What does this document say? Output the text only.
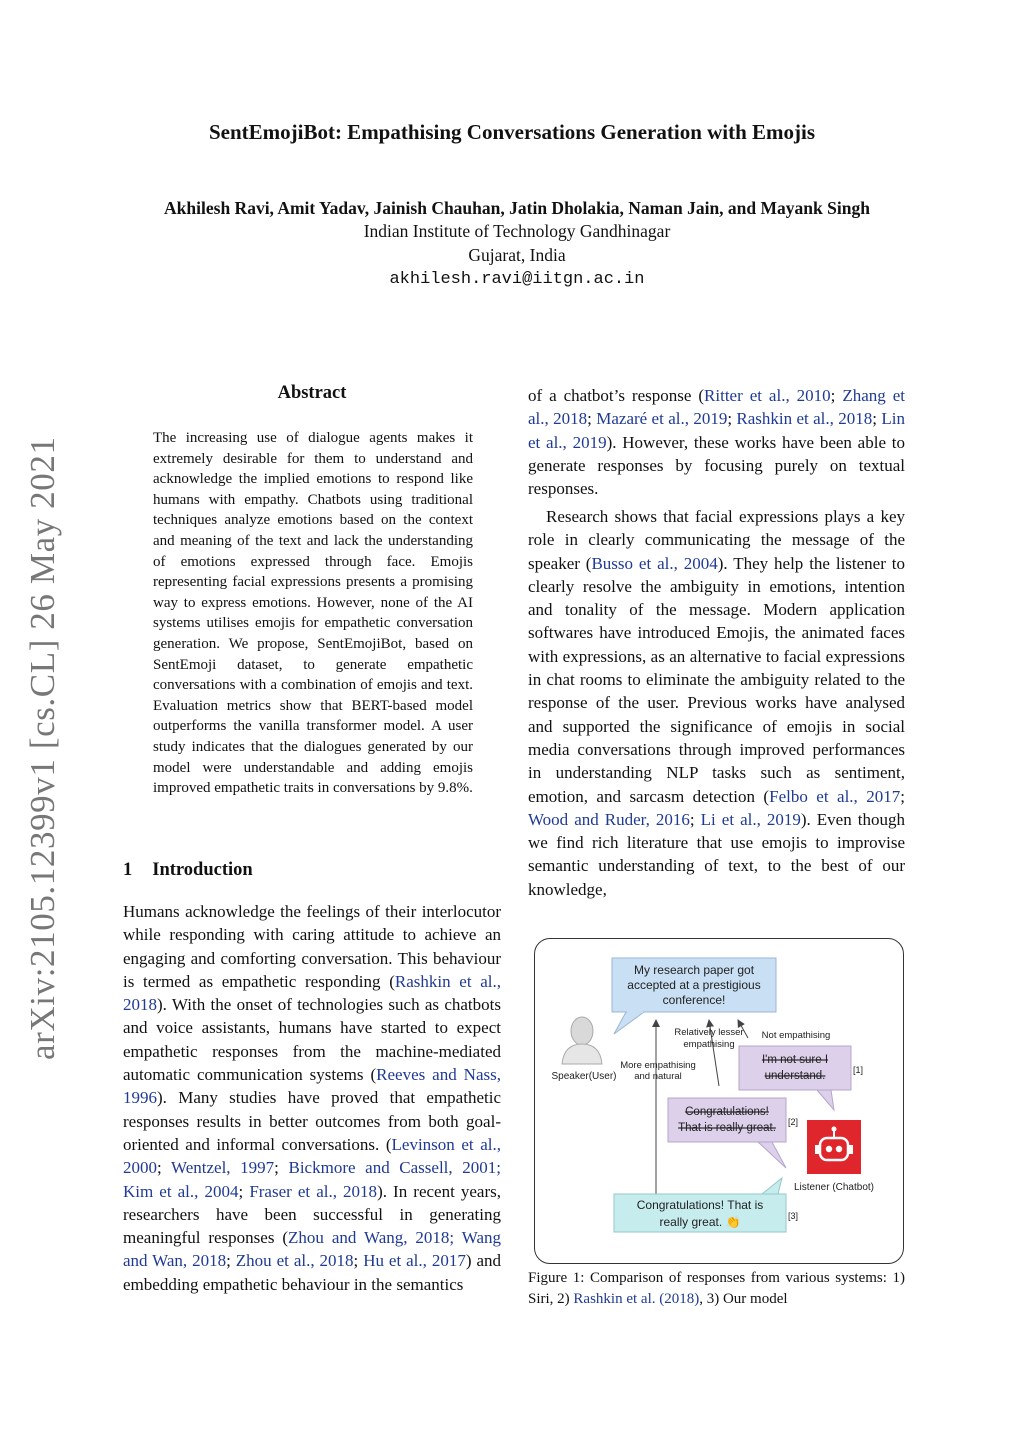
SentEmojiBot: Empathising Conversations Generation with Emojis
Akhilesh Ravi, Amit Yadav, Jainish Chauhan, Jatin Dholakia, Naman Jain, and Mayank Singh
Indian Institute of Technology Gandhinagar
Gujarat, India
akhilesh.ravi@iitgn.ac.in
arXiv:2105.12399v1 [cs.CL] 26 May 2021
Abstract
The increasing use of dialogue agents makes it extremely desirable for them to understand and acknowledge the implied emotions to respond like humans with empathy. Chatbots using traditional techniques analyze emotions based on the context and meaning of the text and lack the understanding of emotions expressed through face. Emojis representing facial expressions presents a promising way to express emotions. However, none of the AI systems utilises emojis for empathetic conversation generation. We propose, SentEmojiBot, based on SentEmoji dataset, to generate empathetic conversations with a combination of emojis and text. Evaluation metrics show that BERT-based model outperforms the vanilla transformer model. A user study indicates that the dialogues generated by our model were understandable and adding emojis improved empathetic traits in conversations by 9.8%.
1 Introduction

Humans acknowledge the feelings of their interlocutor while responding with caring attitude to achieve an engaging and comforting conversation. This behaviour is termed as empathetic responding (Rashkin et al., 2018). With the onset of technologies such as chatbots and voice assistants, humans have started to expect empathetic responses from the machine-mediated automatic communication systems (Reeves and Nass, 1996). Many studies have proved that empathetic responses results in better outcomes from both goal-oriented and informal conversations. (Levinson et al., 2000; Wentzel, 1997; Bickmore and Cassell, 2001; Kim et al., 2004; Fraser et al., 2018). In recent years, researchers have been successful in generating meaningful responses (Zhou and Wang, 2018; Wang and Wan, 2018; Zhou et al., 2018; Hu et al., 2017) and embedding empathetic behaviour in the semantics

of a chatbot’s response (Ritter et al., 2010; Zhang et al., 2018; Mazaré et al., 2019; Rashkin et al., 2018; Lin et al., 2019). However, these works have been able to generate responses by focusing purely on textual responses.

Research shows that facial expressions plays a key role in clearly communicating the message of the speaker (Busso et al., 2004). They help the listener to clearly resolve the ambiguity in emotions, intention and tonality of the message. Modern application softwares have introduced Emojis, the animated faces with expressions, as an alternative to facial expressions in chat rooms to eliminate the ambiguity related to the response of the user. Previous works have analysed and supported the significance of emojis in social media conversations through improved performances in understanding NLP tasks such as sentiment, emotion, and sarcasm detection (Felbo et al., 2017; Wood and Ruder, 2016; Li et al., 2019). Even though we find rich literature that use emojis to improvise semantic understanding of text, to the best of our knowledge,

My research paper got
accepted at a prestigious
conference!
Speaker(User)
More empathising
and natural
Relatively lesser
empathising
Not empathising
I'm not sure I
understand.	[1]
Congratulations!
That is really great. [2]
Listener (Chatbot)
Congratulations! That is
really great. 👏	[3]
Figure 1: Comparison of responses from various systems: 1) Siri, 2) Rashkin et al. (2018), 3) Our model
